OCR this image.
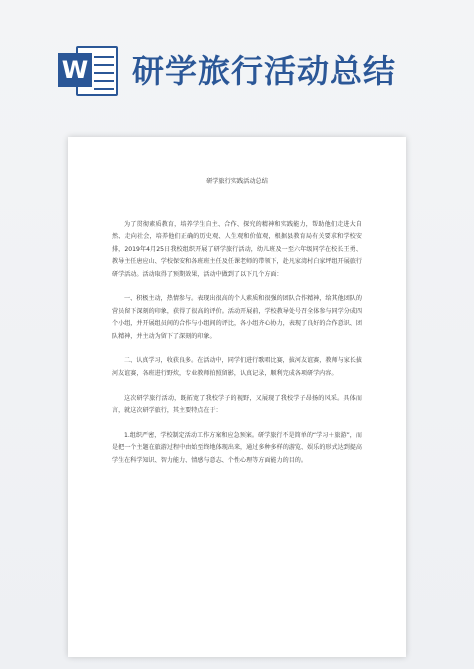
W 研学旅行活动总结
研学旅行实践活动总结

为了贯彻素质教育，培养学生自主、合作、探究的精神和实践能力，帮助他们走进大自然、走向社会，培养他们正确的历史观、人生观和价值观，根据县教育局有关要求和学校安排，2019年4月25日我校组织开展了研学旅行活动，幼儿班及一至六年级同学在校长王勇、教导主任唐应山、学校保安和各班班主任及任课老师的带领下，赴凡家湾村白家坪组开展旅行研学活动。活动取得了预期效果，活动中做到了以下几个方面：

一、积极主动，热情参与。表现出很高的个人素质和很强的团队合作精神，给其他团队的营员留下深刻的印象，获得了很高的评价。活动开展前，学校教导处号召全体参与同学分成四个小组，并开展组员间的合作与小组间的评比，各小组齐心协力，表现了良好的合作意识、团队精神，并主动为留下了深刻的印象。

二、认真学习，收获良多。在活动中，同学们进行歌唱比赛，拔河友谊赛，教师与家长拔河友谊赛，各班进行野炊，专业教师拍照留影，认真记录，顺利完成各项研学内容。

这次研学旅行活动，既拓宽了我校学子的视野，又展现了我校学子昂扬的风采。具体而言，就这次研学旅行，其主要特点在于：

1.组织严密，学校制定活动工作方案和应急预案。研学旅行不是简单的“学习＋旅游”，而是把一个主题在旅游过程中由始至终地体现出来，通过多种多样的游览、娱乐的形式达到提高学生在科学知识、智力能力、情感与意志、个性心理等方面能力的目的。
